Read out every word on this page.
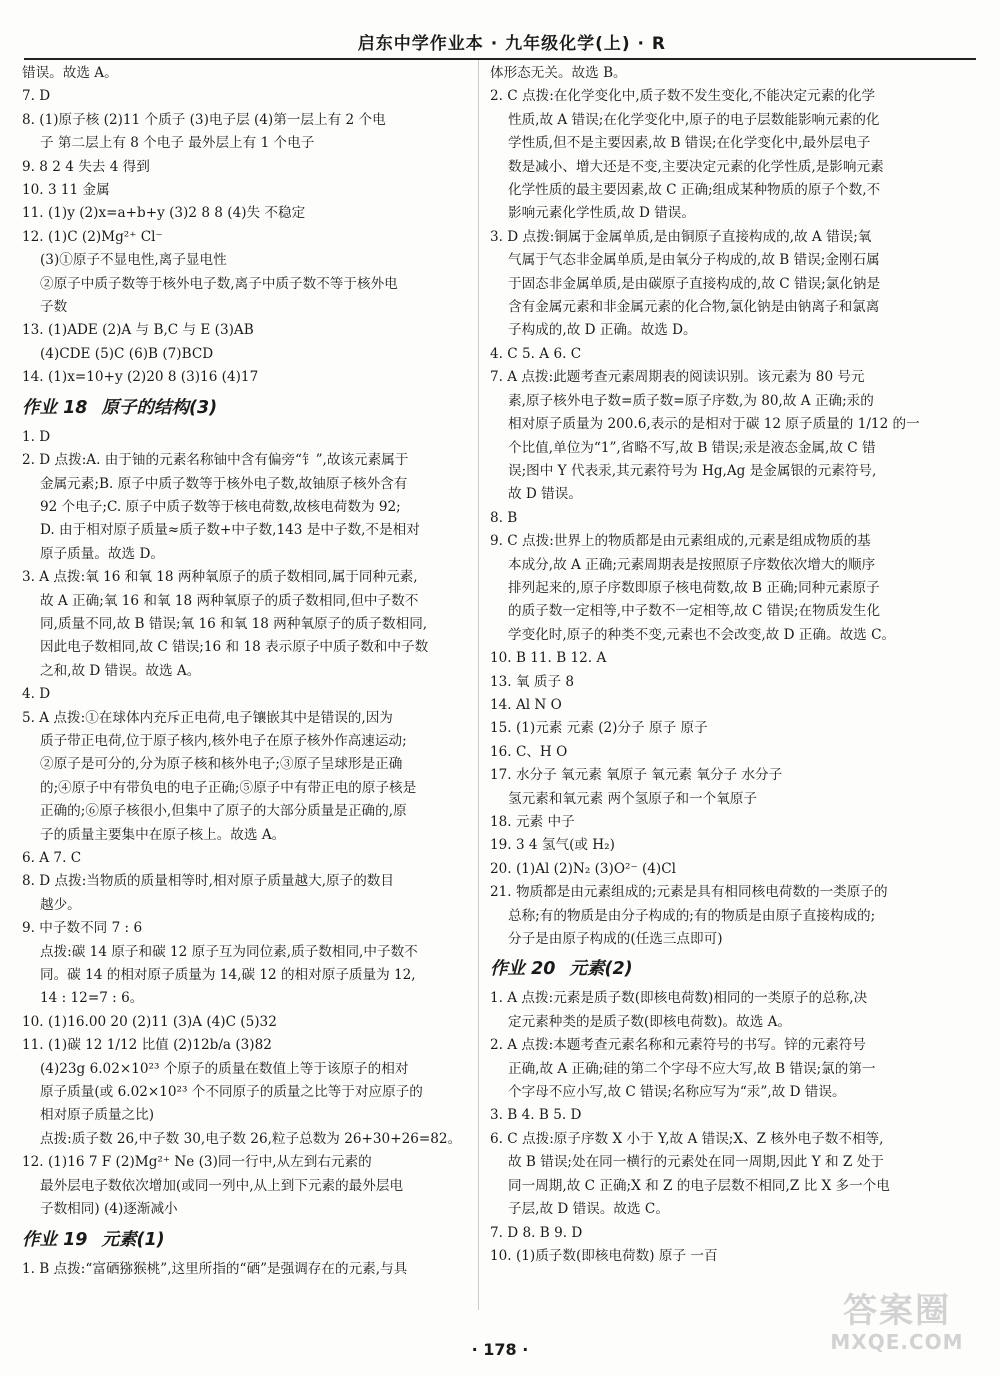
启东中学作业本 · 九年级化学(上) · R
错误。故选 A。
7. D
8. (1)原子核 (2)11 个质子 (3)电子层 (4)第一层上有 2 个电
子 第二层上有 8 个电子 最外层上有 1 个电子
9. 8 2 4 失去 4 得到
10. 3 11 金属
11. (1)y (2)x=a+b+y (3)2 8 8 (4)失 不稳定
12. (1)C (2)Mg²⁺ Cl⁻
(3)①原子不显电性,离子显电性
②原子中质子数等于核外电子数,离子中质子数不等于核外电
子数
13. (1)ADE (2)A 与 B,C 与 E (3)AB
(4)CDE (5)C (6)B (7)BCD
14. (1)x=10+y (2)20 8 (3)16 (4)17
作业 18 原子的结构(3)
1. D
2. D 点拨:A. 由于铀的元素名称铀中含有偏旁“钅”,故该元素属于
金属元素;B. 原子中质子数等于核外电子数,故铀原子核外含有
92 个电子;C. 原子中质子数等于核电荷数,故核电荷数为 92;
D. 由于相对原子质量≈质子数+中子数,143 是中子数,不是相对
原子质量。故选 D。
3. A 点拨:氧 16 和氧 18 两种氧原子的质子数相同,属于同种元素,
故 A 正确;氧 16 和氧 18 两种氧原子的质子数相同,但中子数不
同,质量不同,故 B 错误;氧 16 和氧 18 两种氧原子的质子数相同,
因此电子数相同,故 C 错误;16 和 18 表示原子中质子数和中子数
之和,故 D 错误。故选 A。
4. D
5. A 点拨:①在球体内充斥正电荷,电子镶嵌其中是错误的,因为
质子带正电荷,位于原子核内,核外电子在原子核外作高速运动;
②原子是可分的,分为原子核和核外电子;③原子呈球形是正确
的;④原子中有带负电的电子正确;⑤原子中有带正电的原子核是
正确的;⑥原子核很小,但集中了原子的大部分质量是正确的,原
子的质量主要集中在原子核上。故选 A。
6. A 7. C
8. D 点拨:当物质的质量相等时,相对原子质量越大,原子的数目
越少。
9. 中子数不同 7 : 6
点拨:碳 14 原子和碳 12 原子互为同位素,质子数相同,中子数不
同。碳 14 的相对原子质量为 14,碳 12 的相对原子质量为 12,
14 : 12=7 : 6。
10. (1)16.00 20 (2)11 (3)A (4)C (5)32
11. (1)碳 12 1/12 比值 (2)12b/a (3)82
(4)23g 6.02×10²³ 个原子的质量在数值上等于该原子的相对
原子质量(或 6.02×10²³ 个不同原子的质量之比等于对应原子的
相对原子质量之比)
点拨:质子数 26,中子数 30,电子数 26,粒子总数为 26+30+26=82。
12. (1)16 7 F (2)Mg²⁺ Ne (3)同一行中,从左到右元素的
最外层电子数依次增加(或同一列中,从上到下元素的最外层电
子数相同) (4)逐渐减小
作业 19 元素(1)
1. B 点拨:“富硒猕猴桃”,这里所指的“硒”是强调存在的元素,与具
体形态无关。故选 B。
2. C 点拨:在化学变化中,质子数不发生变化,不能决定元素的化学
性质,故 A 错误;在化学变化中,原子的电子层数能影响元素的化
学性质,但不是主要因素,故 B 错误;在化学变化中,最外层电子
数是减小、增大还是不变,主要决定元素的化学性质,是影响元素
化学性质的最主要因素,故 C 正确;组成某种物质的原子个数,不
影响元素化学性质,故 D 错误。
3. D 点拨:铜属于金属单质,是由铜原子直接构成的,故 A 错误;氧
气属于气态非金属单质,是由氧分子构成的,故 B 错误;金刚石属
于固态非金属单质,是由碳原子直接构成的,故 C 错误;氯化钠是
含有金属元素和非金属元素的化合物,氯化钠是由钠离子和氯离
子构成的,故 D 正确。故选 D。
4. C 5. A 6. C
7. A 点拨:此题考查元素周期表的阅读识别。该元素为 80 号元
素,原子核外电子数=质子数=原子序数,为 80,故 A 正确;汞的
相对原子质量为 200.6,表示的是相对于碳 12 原子质量的 1/12 的一
个比值,单位为“1”,省略不写,故 B 错误;汞是液态金属,故 C 错
误;图中 Y 代表汞,其元素符号为 Hg,Ag 是金属银的元素符号,
故 D 错误。
8. B
9. C 点拨:世界上的物质都是由元素组成的,元素是组成物质的基
本成分,故 A 正确;元素周期表是按照原子序数依次增大的顺序
排列起来的,原子序数即原子核电荷数,故 B 正确;同种元素原子
的质子数一定相等,中子数不一定相等,故 C 错误;在物质发生化
学变化时,原子的种类不变,元素也不会改变,故 D 正确。故选 C。
10. B 11. B 12. A
13. 氧 质子 8
14. Al N O
15. (1)元素 元素 (2)分子 原子 原子
16. C、H O
17. 水分子 氧元素 氧原子 氧元素 氧分子 水分子
氢元素和氧元素 两个氢原子和一个氧原子
18. 元素 中子
19. 3 4 氢气(或 H₂)
20. (1)Al (2)N₂ (3)O²⁻ (4)Cl
21. 物质都是由元素组成的;元素是具有相同核电荷数的一类原子的
总称;有的物质是由分子构成的;有的物质是由原子直接构成的;
分子是由原子构成的(任选三点即可)
作业 20 元素(2)
1. A 点拨:元素是质子数(即核电荷数)相同的一类原子的总称,决
定元素种类的是质子数(即核电荷数)。故选 A。
2. A 点拨:本题考查元素名称和元素符号的书写。锌的元素符号
正确,故 A 正确;硅的第二个字母不应大写,故 B 错误;氯的第一
个字母不应小写,故 C 错误;名称应写为“汞”,故 D 错误。
3. B 4. B 5. D
6. C 点拨:原子序数 X 小于 Y,故 A 错误;X、Z 核外电子数不相等,
故 B 错误;处在同一横行的元素处在同一周期,因此 Y 和 Z 处于
同一周期,故 C 正确;X 和 Z 的电子层数不相同,Z 比 X 多一个电
子层,故 D 错误。故选 C。
7. D 8. B 9. D
10. (1)质子数(即核电荷数) 原子 一百
· 178 ·
答案圈
MXQE.COM
